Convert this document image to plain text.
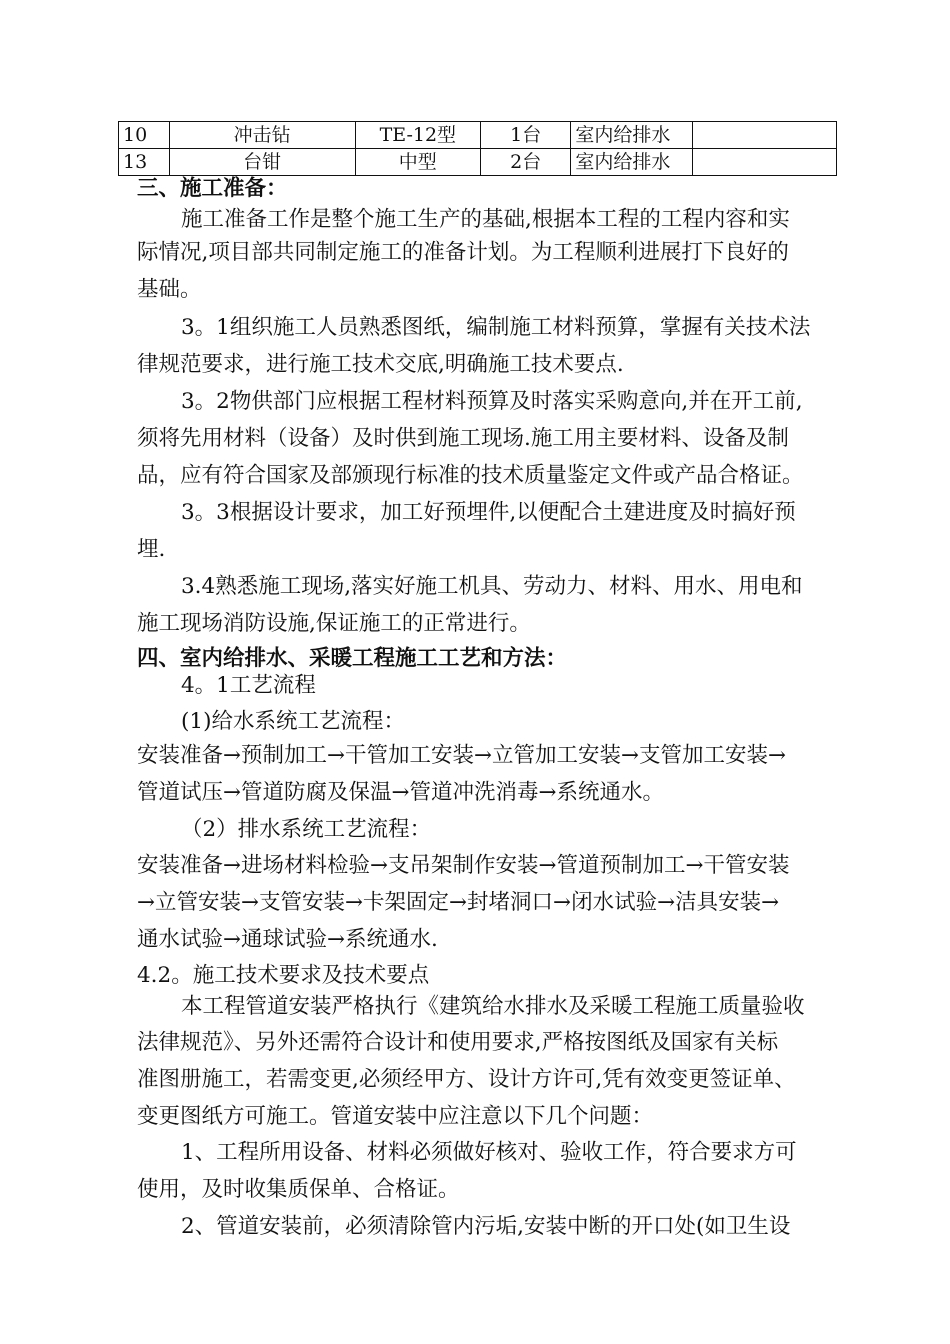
10	冲击钻	TE-12型	1台	室内给排水	
13	台钳	中型	2台	室内给排水	
三、施工准备：
施工准备工作是整个施工生产的基础,根据本工程的工程内容和实
际情况,项目部共同制定施工的准备计划。为工程顺利进展打下良好的
基础。
3。1组织施工人员熟悉图纸，编制施工材料预算，掌握有关技术法
律规范要求，进行施工技术交底,明确施工技术要点.
3。2物供部门应根据工程材料预算及时落实采购意向,并在开工前,
须将先用材料（设备）及时供到施工现场.施工用主要材料、设备及制
品，应有符合国家及部颁现行标准的技术质量鉴定文件或产品合格证。
3。3根据设计要求，加工好预埋件,以便配合土建进度及时搞好预
埋.
3.4熟悉施工现场,落实好施工机具、劳动力、材料、用水、用电和
施工现场消防设施,保证施工的正常进行。
四、室内给排水、采暖工程施工工艺和方法：
4。1工艺流程
(1)给水系统工艺流程：
安装准备→预制加工→干管加工安装→立管加工安装→支管加工安装→
管道试压→管道防腐及保温→管道冲洗消毒→系统通水。
（2）排水系统工艺流程：
安装准备→进场材料检验→支吊架制作安装→管道预制加工→干管安装
→立管安装→支管安装→卡架固定→封堵洞口→闭水试验→洁具安装→
通水试验→通球试验→系统通水.
4.2。施工技术要求及技术要点
本工程管道安装严格执行《建筑给水排水及采暖工程施工质量验收
法律规范》、另外还需符合设计和使用要求,严格按图纸及国家有关标
准图册施工，若需变更,必须经甲方、设计方许可,凭有效变更签证单、
变更图纸方可施工。管道安装中应注意以下几个问题：
1、工程所用设备、材料必须做好核对、验收工作，符合要求方可
使用，及时收集质保单、合格证。
2、管道安装前，必须清除管内污垢,安装中断的开口处(如卫生设
